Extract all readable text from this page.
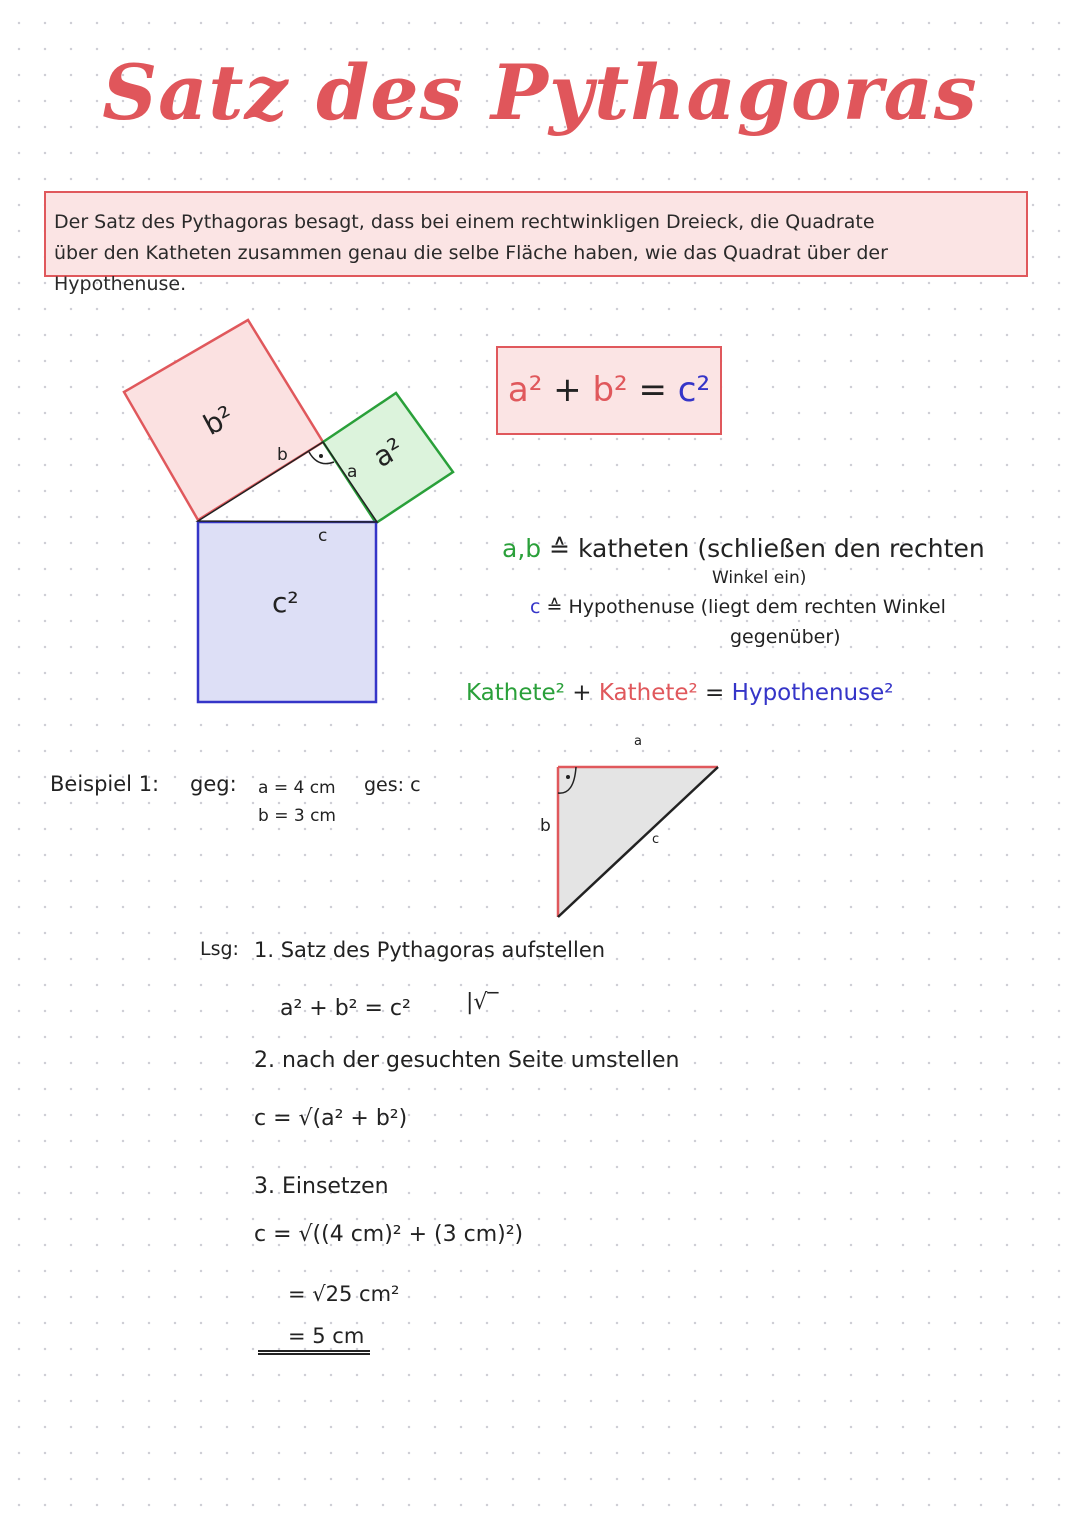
Satz des Pythagoras
Der Satz des Pythagoras besagt, dass bei einem rechtwinkligen Dreieck, die Quadrate
über den Katheten zusammen genau die selbe Fläche haben, wie das Quadrat über der Hypothenuse.
b²
a²
c²
b
a
c
a² + b² = c²
a,b ≙ katheten (schließen den rechten
Winkel ein)
c ≙ Hypothenuse (liegt dem rechten Winkel
gegenüber)
Kathete² + Kathete² = Hypothenuse²
Beispiel 1: geg: a = 4 cm
b = 3 cm
ges: c
a
b
c
Lsg: 1. Satz des Pythagoras aufstellen
a² + b² = c²	|√‾
2. nach der gesuchten Seite umstellen
c = √(a² + b²)
3. Einsetzen
c = √((4 cm)² + (3 cm)²)
= √25 cm²
= 5 cm
